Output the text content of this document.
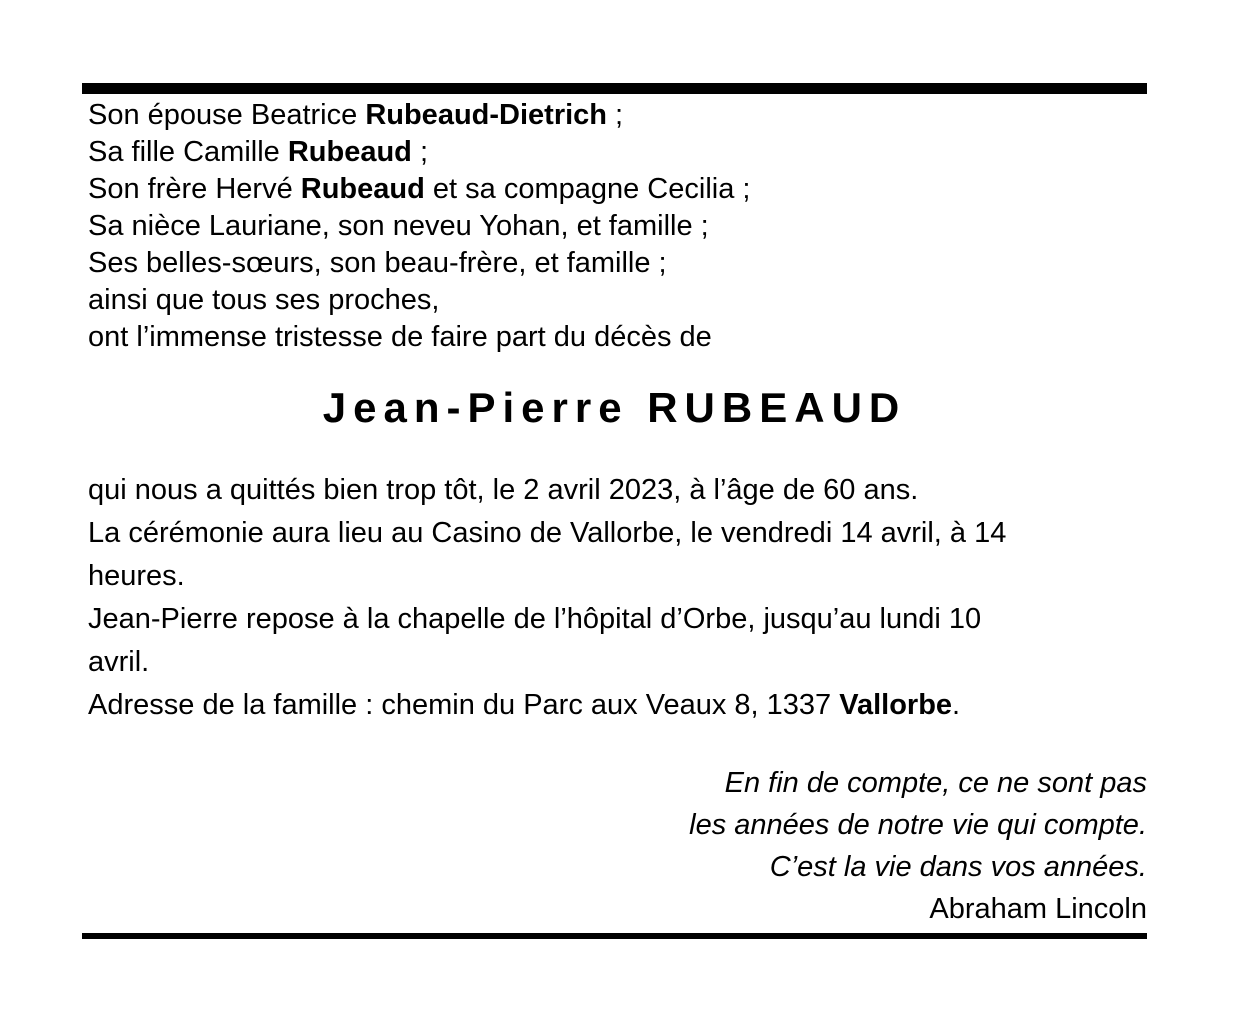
Son épouse Beatrice Rubeaud-Dietrich ;
Sa fille Camille Rubeaud ;
Son frère Hervé Rubeaud et sa compagne Cecilia ;
Sa nièce Lauriane, son neveu Yohan, et famille ;
Ses belles-sœurs, son beau-frère, et famille ;
ainsi que tous ses proches,
ont l’immense tristesse de faire part du décès de
Jean-Pierre RUBEAUD
qui nous a quittés bien trop tôt, le 2 avril 2023, à l’âge de 60 ans.
La cérémonie aura lieu au Casino de Vallorbe, le vendredi 14 avril, à 14
heures.
Jean-Pierre repose à la chapelle de l’hôpital d’Orbe, jusqu’au lundi 10
avril.
Adresse de la famille : chemin du Parc aux Veaux 8, 1337 Vallorbe.
En fin de compte, ce ne sont pas
les années de notre vie qui compte.
C’est la vie dans vos années.
Abraham Lincoln
